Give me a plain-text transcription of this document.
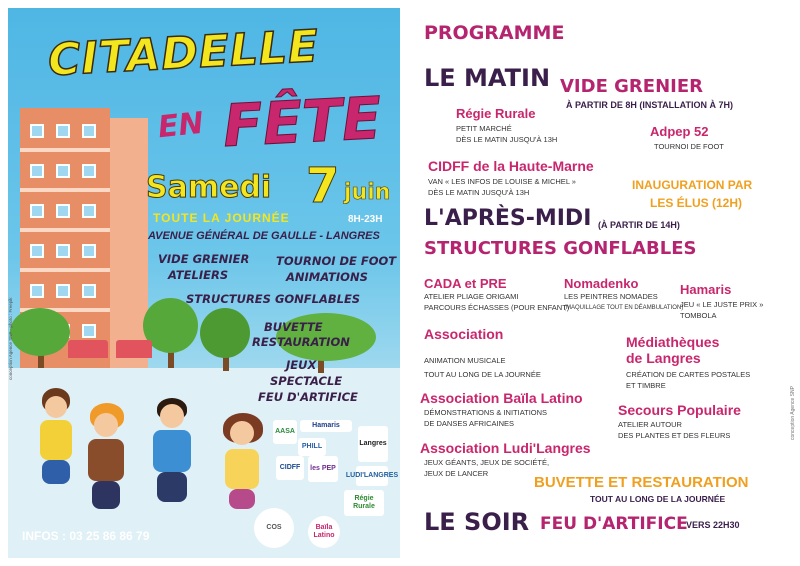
CITADELLE
EN FÊTE
Samedi 7 juin
TOUTE LA JOURNÉE	8H-23H
AVENUE GÉNÉRAL DE GAULLE - LANGRES
VIDE GRENIER
ATELIERS
TOURNOI DE FOOT
ANIMATIONS
STRUCTURES GONFLABLES
BUVETTE
RESTAURATION
JEUX
SPECTACLE
FEU D'ARTIFICE
AASA
Hamaris
PHILL	Langres
CIDFF	les PEP
LUDI'LANGRES
Régie Rurale
COS	Baïla Latino
INFOS : 03 25 86 86 79
conception Agence SNP - photo : Freepik
PROGRAMME
LE MATIN VIDE GRENIER
À PARTIR DE 8H (INSTALLATION À 7H)
Régie Rurale
PETIT MARCHÉ
DÈS LE MATIN JUSQU'À 13H
Adpep 52
TOURNOI DE FOOT
CIDFF de la Haute-Marne
VAN « LES INFOS DE LOUISE & MICHEL »
DÈS LE MATIN JUSQU'À 13H
INAUGURATION PAR
LES ÉLUS (12H)
L'APRÈS-MIDI (À PARTIR DE 14H)
STRUCTURES GONFLABLES
CADA et PRE
ATELIER PLIAGE ORIGAMI
PARCOURS ÉCHASSES (POUR ENFANT)
Nomadenko
LES PEINTRES NOMADES
(MAQUILLAGE TOUT EN DÉAMBULATION)
Hamaris
JEU « LE JUSTE PRIX »
TOMBOLA
Association
ANIMATION MUSICALE
TOUT AU LONG DE LA JOURNÉE
Médiathèques
de Langres
CRÉATION DE CARTES POSTALES
ET TIMBRE
Association Baïla Latino
DÉMONSTRATIONS & INITIATIONS
DE DANSES AFRICAINES
Secours Populaire
ATELIER AUTOUR
DES PLANTES ET DES FLEURS
Association Ludi'Langres
JEUX GÉANTS, JEUX DE SOCIÉTÉ,
JEUX DE LANCER
BUVETTE ET RESTAURATION
TOUT AU LONG DE LA JOURNÉE
LE SOIR FEU D'ARTIFICE
VERS 22H30
conception Agence SNP
